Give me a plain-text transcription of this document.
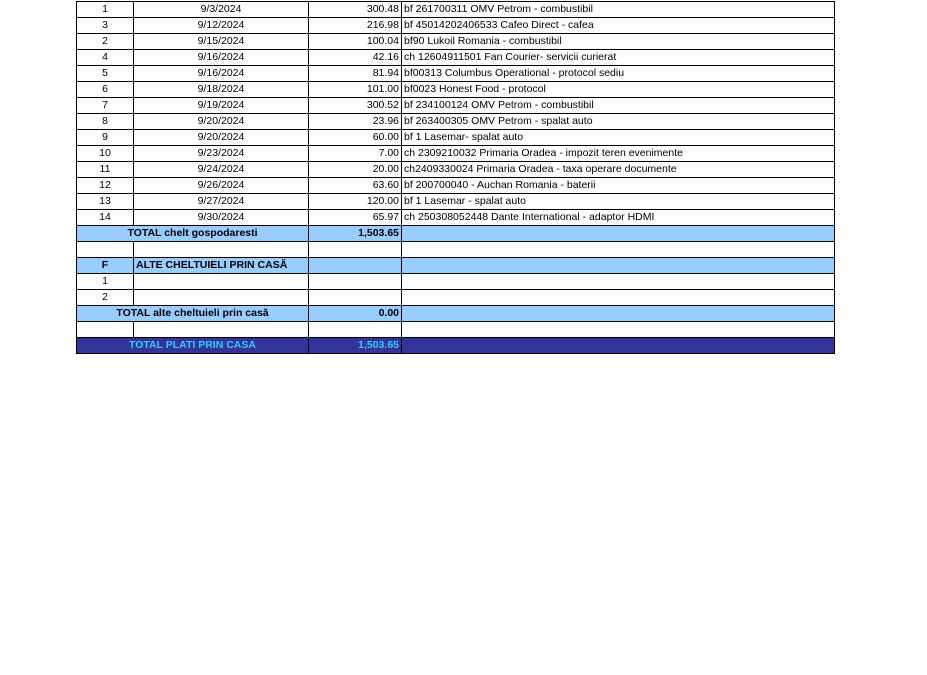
1	9/3/2024	300.48	bf 261700311 OMV Petrom - combustibil
3	9/12/2024	216.98	bf 45014202406533 Cafeo Direct - cafea
2	9/15/2024	100.04	bf90 Lukoil Romania - combustibil
4	9/16/2024	42.16	ch 12604911501 Fan Courier- servicii curierat
5	9/16/2024	81.94	bf00313 Columbus Operational - protocol sediu
6	9/18/2024	101.00	bf0023 Honest Food - protocol
7	9/19/2024	300.52	bf 234100124 OMV Petrom - combustibil
8	9/20/2024	23.96	bf 263400305 OMV Petrom - spalat auto
9	9/20/2024	60.00	bf 1 Lasemar- spalat auto
10	9/23/2024	7.00	ch 2309210032 Primaria Oradea - impozit teren evenimente
11	9/24/2024	20.00	ch2409330024 Primaria Oradea - taxa operare documente
12	9/26/2024	63.60	bf 200700040 - Auchan Romania - baterii
13	9/27/2024	120.00	bf 1 Lasemar - spalat auto
14	9/30/2024	65.97	ch 250308052448 Dante International - adaptor HDMI
TOTAL chelt gospodaresti		1,503.65	

F	ALTE CHELTUIELI PRIN CASĂ		
1			
2			
TOTAL alte cheltuieli prin casă		0.00	

TOTAL PLATI PRIN CASA		1,503.65	
